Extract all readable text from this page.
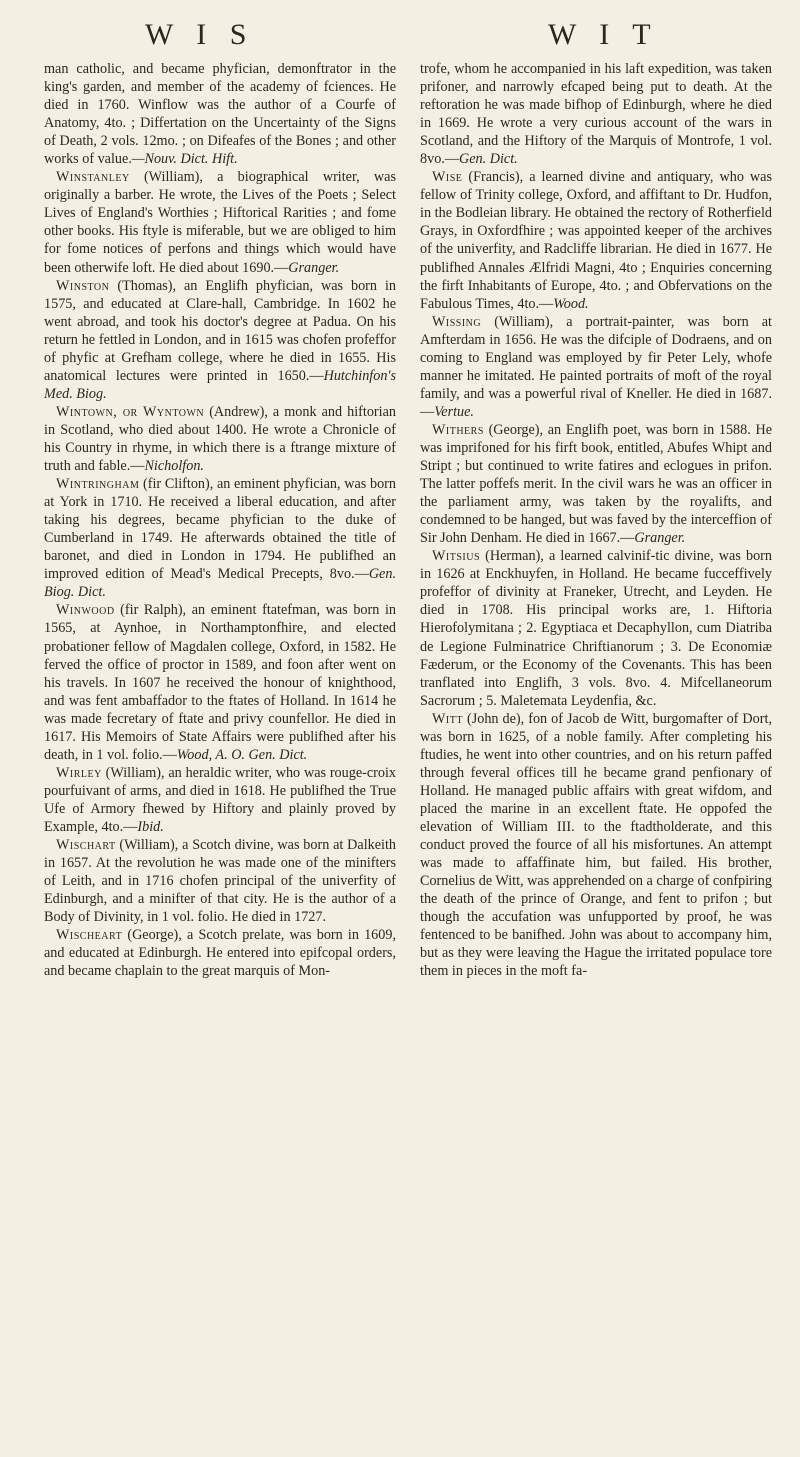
W I S	W I T

man catholic, and became phyfician, demonftrator in the king's garden, and member of the academy of fciences. He died in 1760. Winflow was the author of a Courfe of Anatomy, 4to. ; Differtation on the Uncertainty of the Signs of Death, 2 vols. 12mo. ; on Difeafes of the Bones ; and other works of value.—Nouv. Dict. Hift.

Winstanley (William), a biographical writer, was originally a barber. He wrote, the Lives of the Poets ; Select Lives of England's Worthies ; Hiftorical Rarities ; and fome other books. His ftyle is miferable, but we are obliged to him for fome notices of perfons and things which would have been otherwife loft. He died about 1690.—Granger.

Winston (Thomas), an Englifh phyfician, was born in 1575, and educated at Clare-hall, Cambridge. In 1602 he went abroad, and took his doctor's degree at Padua. On his return he fettled in London, and in 1615 was chofen profeffor of phyfic at Grefham college, where he died in 1655. His anatomical lectures were printed in 1650.—Hutchinfon's Med. Biog.

Wintown, or Wyntown (Andrew), a monk and hiftorian in Scotland, who died about 1400. He wrote a Chronicle of his Country in rhyme, in which there is a ftrange mixture of truth and fable.—Nicholfon.

Wintringham (fir Clifton), an eminent phyfician, was born at York in 1710. He received a liberal education, and after taking his degrees, became phyfician to the duke of Cumberland in 1749. He afterwards obtained the title of baronet, and died in London in 1794. He publifhed an improved edition of Mead's Medical Precepts, 8vo.—Gen. Biog. Dict.

Winwood (fir Ralph), an eminent ftatefman, was born in 1565, at Aynhoe, in Northamptonfhire, and elected probationer fellow of Magdalen college, Oxford, in 1582. He ferved the office of proctor in 1589, and foon after went on his travels. In 1607 he received the honour of knighthood, and was fent ambaffador to the ftates of Holland. In 1614 he was made fecretary of ftate and privy counfellor. He died in 1617. His Memoirs of State Affairs were publifhed after his death, in 1 vol. folio.—Wood, A. O. Gen. Dict.

Wirley (William), an heraldic writer, who was rouge-croix pourfuivant of arms, and died in 1618. He publifhed the True Ufe of Armory fhewed by Hiftory and plainly proved by Example, 4to.—Ibid.

Wischart (William), a Scotch divine, was born at Dalkeith in 1657. At the revolution he was made one of the minifters of Leith, and in 1716 chofen principal of the univerfity of Edinburgh, and a minifter of that city. He is the author of a Body of Divinity, in 1 vol. folio. He died in 1727.

Wischeart (George), a Scotch prelate, was born in 1609, and educated at Edinburgh. He entered into epifcopal orders, and became chaplain to the great marquis of Mon-

trofe, whom he accompanied in his laft expedition, was taken prifoner, and narrowly efcaped being put to death. At the reftoration he was made bifhop of Edinburgh, where he died in 1669. He wrote a very curious account of the wars in Scotland, and the Hiftory of the Marquis of Montrofe, 1 vol. 8vo.—Gen. Dict.

Wise (Francis), a learned divine and antiquary, who was fellow of Trinity college, Oxford, and affiftant to Dr. Hudfon, in the Bodleian library. He obtained the rectory of Rotherfield Grays, in Oxfordfhire ; was appointed keeper of the archives of the univerfity, and Radcliffe librarian. He died in 1677. He publifhed Annales Ælfridi Magni, 4to ; Enquiries concerning the firft Inhabitants of Europe, 4to. ; and Obfervations on the Fabulous Times, 4to.—Wood.

Wissing (William), a portrait-painter, was born at Amfterdam in 1656. He was the difciple of Dodraens, and on coming to England was employed by fir Peter Lely, whofe manner he imitated. He painted portraits of moft of the royal family, and was a powerful rival of Kneller. He died in 1687.—Vertue.

Withers (George), an Englifh poet, was born in 1588. He was imprifoned for his firft book, entitled, Abufes Whipt and Stript ; but continued to write fatires and eclogues in prifon. The latter poffefs merit. In the civil wars he was an officer in the parliament army, was taken by the royalifts, and condemned to be hanged, but was faved by the interceffion of Sir John Denham. He died in 1667.—Granger.

Witsius (Herman), a learned calvinif-tic divine, was born in 1626 at Enckhuyfen, in Holland. He became fucceffively profeffor of divinity at Franeker, Utrecht, and Leyden. He died in 1708. His principal works are, 1. Hiftoria Hierofolymitana ; 2. Egyptiaca et Decaphyllon, cum Diatriba de Legione Fulminatrice Chriftianorum ; 3. De Economiæ Fæderum, or the Economy of the Covenants. This has been tranflated into Englifh, 3 vols. 8vo. 4. Mifcellaneorum Sacrorum ; 5. Maletemata Leydenfia, &c.

Witt (John de), fon of Jacob de Witt, burgomafter of Dort, was born in 1625, of a noble family. After completing his ftudies, he went into other countries, and on his return paffed through feveral offices till he became grand penfionary of Holland. He managed public affairs with great wifdom, and placed the marine in an excellent ftate. He oppofed the elevation of William III. to the ftadtholderate, and this conduct proved the fource of all his misfortunes. An attempt was made to affaffinate him, but failed. His brother, Cornelius de Witt, was apprehended on a charge of confpiring the death of the prince of Orange, and fent to prifon ; but though the accufation was unfupported by proof, he was fentenced to be banifhed. John was about to accompany him, but as they were leaving the Hague the irritated populace tore them in pieces in the moft fa-
